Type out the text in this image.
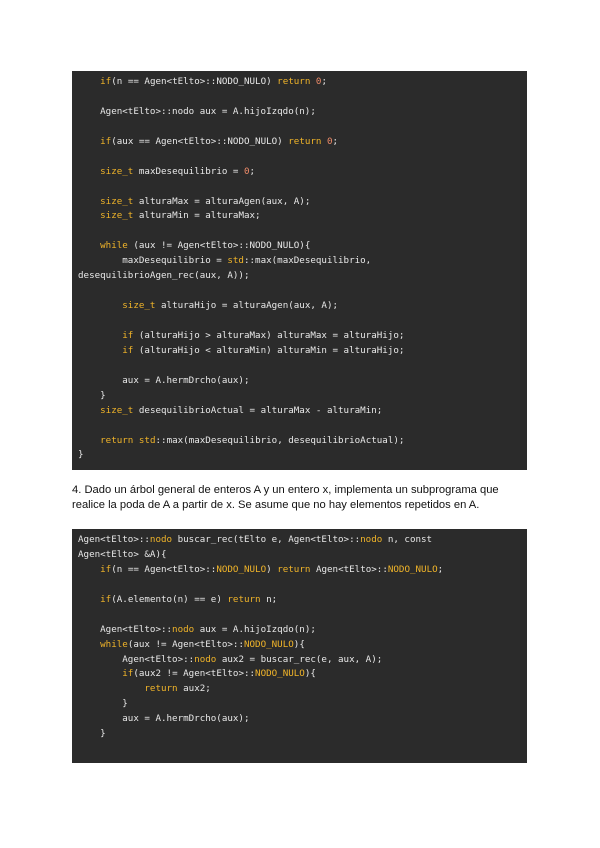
if(n == Agen<tElto>::NODO_NULO) return 0;
Agen<tElto>::nodo aux = A.hijoIzqdo(n);
if(aux == Agen<tElto>::NODO_NULO) return 0;
size_t maxDesequilibrio = 0;
size_t alturaMax = alturaAgen(aux, A);
size_t alturaMin = alturaMax;
while (aux != Agen<tElto>::NODO_NULO){
maxDesequilibrio = std::max(maxDesequilibrio,
desequilibrioAgen_rec(aux, A));
size_t alturaHijo = alturaAgen(aux, A);
if (alturaHijo > alturaMax) alturaMax = alturaHijo;
if (alturaHijo < alturaMin) alturaMin = alturaHijo;
aux = A.hermDrcho(aux);
}
size_t desequilibrioActual = alturaMax - alturaMin;
return std::max(maxDesequilibrio, desequilibrioActual);
}
4. Dado un árbol general de enteros A y un entero x, implementa un subprograma que realice la poda de A a partir de x. Se asume que no hay elementos repetidos en A.
Agen<tElto>::nodo buscar_rec(tElto e, Agen<tElto>::nodo n, const
Agen<tElto> &A){
if(n == Agen<tElto>::NODO_NULO) return Agen<tElto>::NODO_NULO;
if(A.elemento(n) == e) return n;
Agen<tElto>::nodo aux = A.hijoIzqdo(n);
while(aux != Agen<tElto>::NODO_NULO){
Agen<tElto>::nodo aux2 = buscar_rec(e, aux, A);
if(aux2 != Agen<tElto>::NODO_NULO){
return aux2;
}
aux = A.hermDrcho(aux);
}
